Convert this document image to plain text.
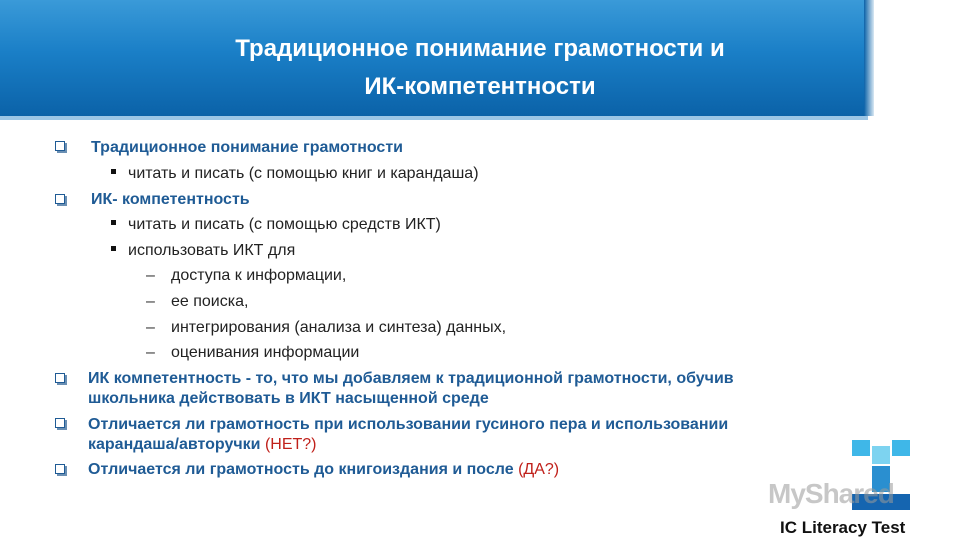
Традиционное понимание грамотности и
ИК-компетентности
Традиционное понимание грамотности
читать и писать (с помощью книг и карандаша)
ИК- компетентность
читать и писать (с помощью средств ИКТ)
использовать ИКТ для
– доступа к информации,
– ее поиска,
– интегрирования (анализа и синтеза) данных,
– оценивания информации
ИК компетентность - то, что мы добавляем к традиционной грамотности, обучив
школьника действовать в ИКТ насыщенной среде
Отличается ли грамотность при использовании гусиного пера и использовании
карандаша/авторучки (НЕТ?)
Отличается ли грамотность до книгоиздания и после (ДА?)
MyShared
IC Literacy Test
